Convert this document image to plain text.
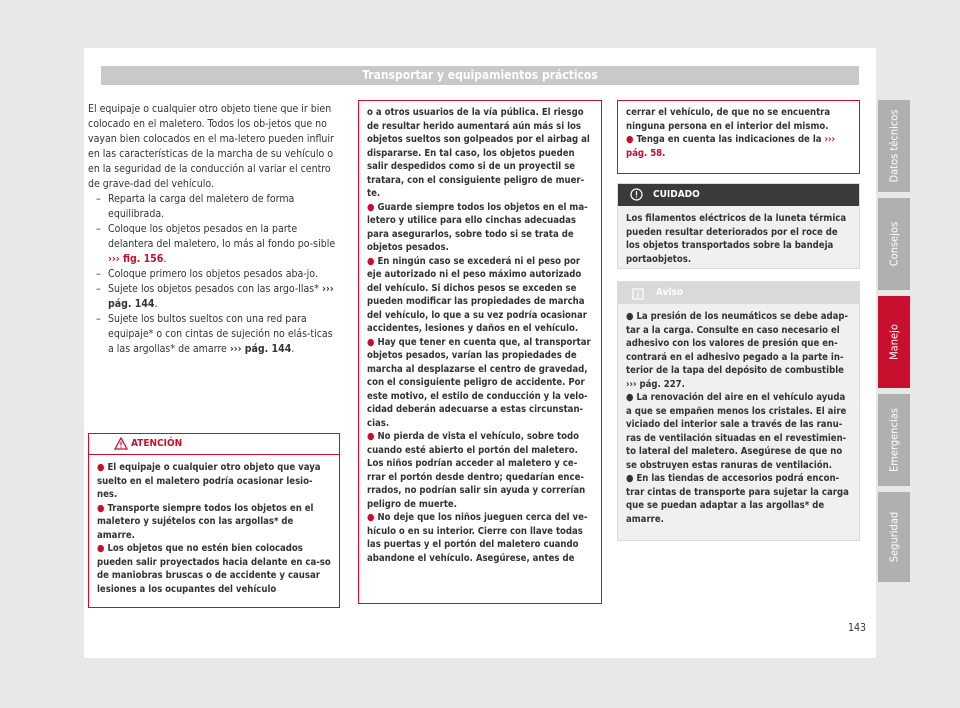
Transportar y equipamientos prácticos

El equipaje o cualquier otro objeto tiene que ir bien colocado en el maletero. Todos los ob-jetos que no vayan bien colocados en el ma-letero pueden influir en las características de la marcha de su vehículo o en la seguridad de la conducción al variar el centro de grave-dad del vehículo.

– Reparta la carga del maletero de forma equilibrada.

– Coloque los objetos pesados en la parte delantera del maletero, lo más al fondo po-sible ››› fig. 156.

– Coloque primero los objetos pesados aba-jo.

– Sujete los objetos pesados con las argo-llas* ››› pág. 144.

– Sujete los bultos sueltos con una red para equipaje* o con cintas de sujeción no elás-ticas a las argollas* de amarre ››› pág. 144.

ATENCIÓN

● El equipaje o cualquier otro objeto que vaya suelto en el maletero podría ocasionar lesio-nes.

● Transporte siempre todos los objetos en el maletero y sujételos con las argollas* de amarre.

● Los objetos que no estén bien colocados pueden salir proyectados hacia delante en ca-so de maniobras bruscas o de accidente y causar lesiones a los ocupantes del vehículo

o a otros usuarios de la vía pública. El riesgo de resultar herido aumentará aún más si los objetos sueltos son golpeados por el airbag al dispararse. En tal caso, los objetos pueden salir despedidos como si de un proyectil se tratara, con el consiguiente peligro de muer-te.

● Guarde siempre todos los objetos en el ma-letero y utilice para ello cinchas adecuadas para asegurarlos, sobre todo si se trata de objetos pesados.

● En ningún caso se excederá ni el peso por eje autorizado ni el peso máximo autorizado del vehículo. Si dichos pesos se exceden se pueden modificar las propiedades de marcha del vehículo, lo que a su vez podría ocasionar accidentes, lesiones y daños en el vehículo.

● Hay que tener en cuenta que, al transportar objetos pesados, varían las propiedades de marcha al desplazarse el centro de gravedad, con el consiguiente peligro de accidente. Por este motivo, el estilo de conducción y la velo-cidad deberán adecuarse a estas circunstan-cias.

● No pierda de vista el vehículo, sobre todo cuando esté abierto el portón del maletero. Los niños podrían acceder al maletero y ce-rrar el portón desde dentro; quedarían ence-rrados, no podrían salir sin ayuda y correrían peligro de muerte.

● No deje que los niños jueguen cerca del ve-hículo o en su interior. Cierre con llave todas las puertas y el portón del maletero cuando abandone el vehículo. Asegúrese, antes de

cerrar el vehículo, de que no se encuentra ninguna persona en el interior del mismo.

● Tenga en cuenta las indicaciones de la ››› pág. 58.

CUIDADO

Los filamentos eléctricos de la luneta térmica pueden resultar deteriorados por el roce de los objetos transportados sobre la bandeja portaobjetos.

Aviso

● La presión de los neumáticos se debe adap-tar a la carga. Consulte en caso necesario el adhesivo con los valores de presión que en-contrará en el adhesivo pegado a la parte in-terior de la tapa del depósito de combustible ››› pág. 227.

● La renovación del aire en el vehículo ayuda a que se empañen menos los cristales. El aire viciado del interior sale a través de las ranu-ras de ventilación situadas en el revestimien-to lateral del maletero. Asegúrese de que no se obstruyen estas ranuras de ventilación.

● En las tiendas de accesorios podrá encon-trar cintas de transporte para sujetar la carga que se puedan adaptar a las argollas* de amarre.

Datos técnicos
Consejos
Manejo
Emergencias
Seguridad
143
